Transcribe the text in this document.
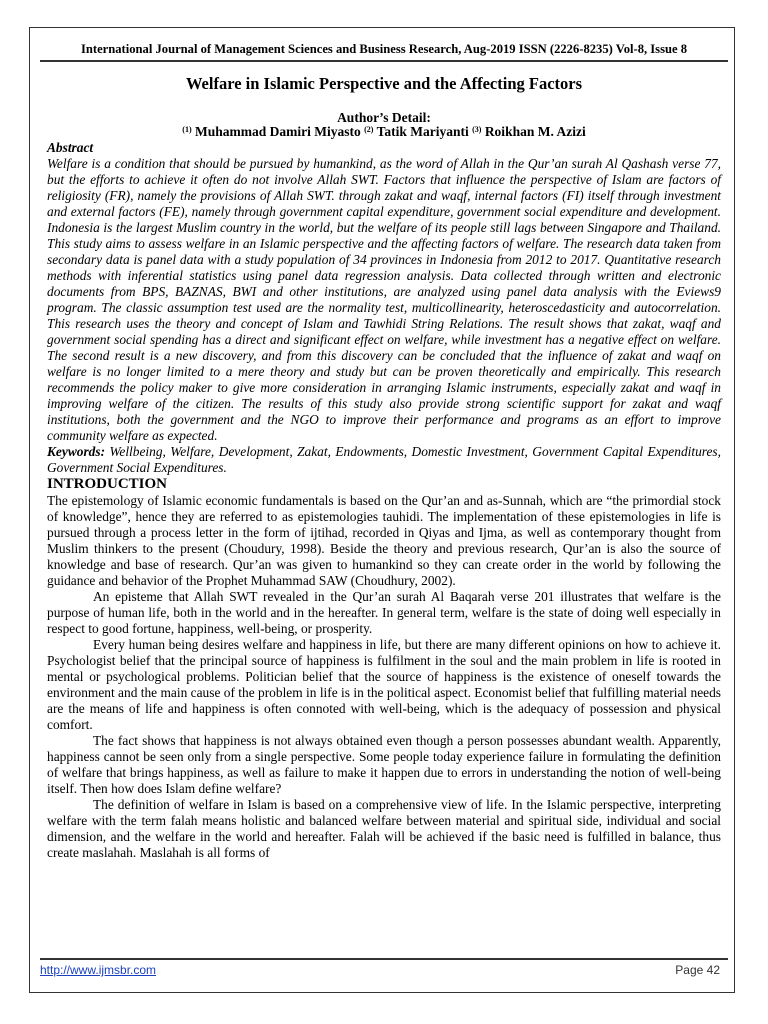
International Journal of Management Sciences and Business Research, Aug-2019 ISSN (2226-8235) Vol-8, Issue 8
Welfare in Islamic Perspective and the Affecting Factors
Author’s Detail:
$^{(1)}$ Muhammad Damiri Miyasto $^{(2)}$ Tatik Mariyanti $^{(3)}$ Roikhan M. Azizi
Abstract

Welfare is a condition that should be pursued by humankind, as the word of Allah in the Qur’an surah Al Qashash verse 77, but the efforts to achieve it often do not involve Allah SWT. Factors that influence the perspective of Islam are factors of religiosity (FR), namely the provisions of Allah SWT. through zakat and waqf, internal factors (FI) itself through investment and external factors (FE), namely through government capital expenditure, government social expenditure and development. Indonesia is the largest Muslim country in the world, but the welfare of its people still lags between Singapore and Thailand. This study aims to assess welfare in an Islamic perspective and the affecting factors of welfare. The research data taken from secondary data is panel data with a study population of 34 provinces in Indonesia from 2012 to 2017. Quantitative research methods with inferential statistics using panel data regression analysis. Data collected through written and electronic documents from BPS, BAZNAS, BWI and other institutions, are analyzed using panel data analysis with the Eviews9 program. The classic assumption test used are the normality test, multicollinearity, heteroscedasticity and autocorrelation. This research uses the theory and concept of Islam and Tawhidi String Relations. The result shows that zakat, waqf and government social spending has a direct and significant effect on welfare, while investment has a negative effect on welfare. The second result is a new discovery, and from this discovery can be concluded that the influence of zakat and waqf on welfare is no longer limited to a mere theory and study but can be proven theoretically and empirically. This research recommends the policy maker to give more consideration in arranging Islamic instruments, especially zakat and waqf in improving welfare of the citizen. The results of this study also provide strong scientific support for zakat and waqf institutions, both the government and the NGO to improve their performance and programs as an effort to improve community welfare as expected.

Keywords: Wellbeing, Welfare, Development, Zakat, Endowments, Domestic Investment, Government Capital Expenditures, Government Social Expenditures.

INTRODUCTION

The epistemology of Islamic economic fundamentals is based on the Qur’an and as-Sunnah, which are “the primordial stock of knowledge”, hence they are referred to as epistemologies tauhidi. The implementation of these epistemologies in life is pursued through a process letter in the form of ijtihad, recorded in Qiyas and Ijma, as well as contemporary thought from Muslim thinkers to the present (Choudury, 1998). Beside the theory and previous research, Qur’an is also the source of knowledge and base of research. Qur’an was given to humankind so they can create order in the world by following the guidance and behavior of the Prophet Muhammad SAW (Choudhury, 2002).

An episteme that Allah SWT revealed in the Qur’an surah Al Baqarah verse 201 illustrates that welfare is the purpose of human life, both in the world and in the hereafter. In general term, welfare is the state of doing well especially in respect to good fortune, happiness, well-being, or prosperity.

Every human being desires welfare and happiness in life, but there are many different opinions on how to achieve it. Psychologist belief that the principal source of happiness is fulfilment in the soul and the main problem in life is rooted in mental or psychological problems. Politician belief that the source of happiness is the existence of oneself towards the environment and the main cause of the problem in life is in the political aspect. Economist belief that fulfilling material needs are the means of life and happiness is often connoted with well-being, which is the adequacy of possession and physical comfort.

The fact shows that happiness is not always obtained even though a person possesses abundant wealth. Apparently, happiness cannot be seen only from a single perspective. Some people today experience failure in formulating the definition of welfare that brings happiness, as well as failure to make it happen due to errors in understanding the notion of well-being itself. Then how does Islam define welfare?

The definition of welfare in Islam is based on a comprehensive view of life. In the Islamic perspective, interpreting welfare with the term falah means holistic and balanced welfare between material and spiritual side, individual and social dimension, and the welfare in the world and hereafter. Falah will be achieved if the basic need is fulfilled in balance, thus create maslahah. Maslahah is all forms of

http://www.ijmsbr.com	Page 42
